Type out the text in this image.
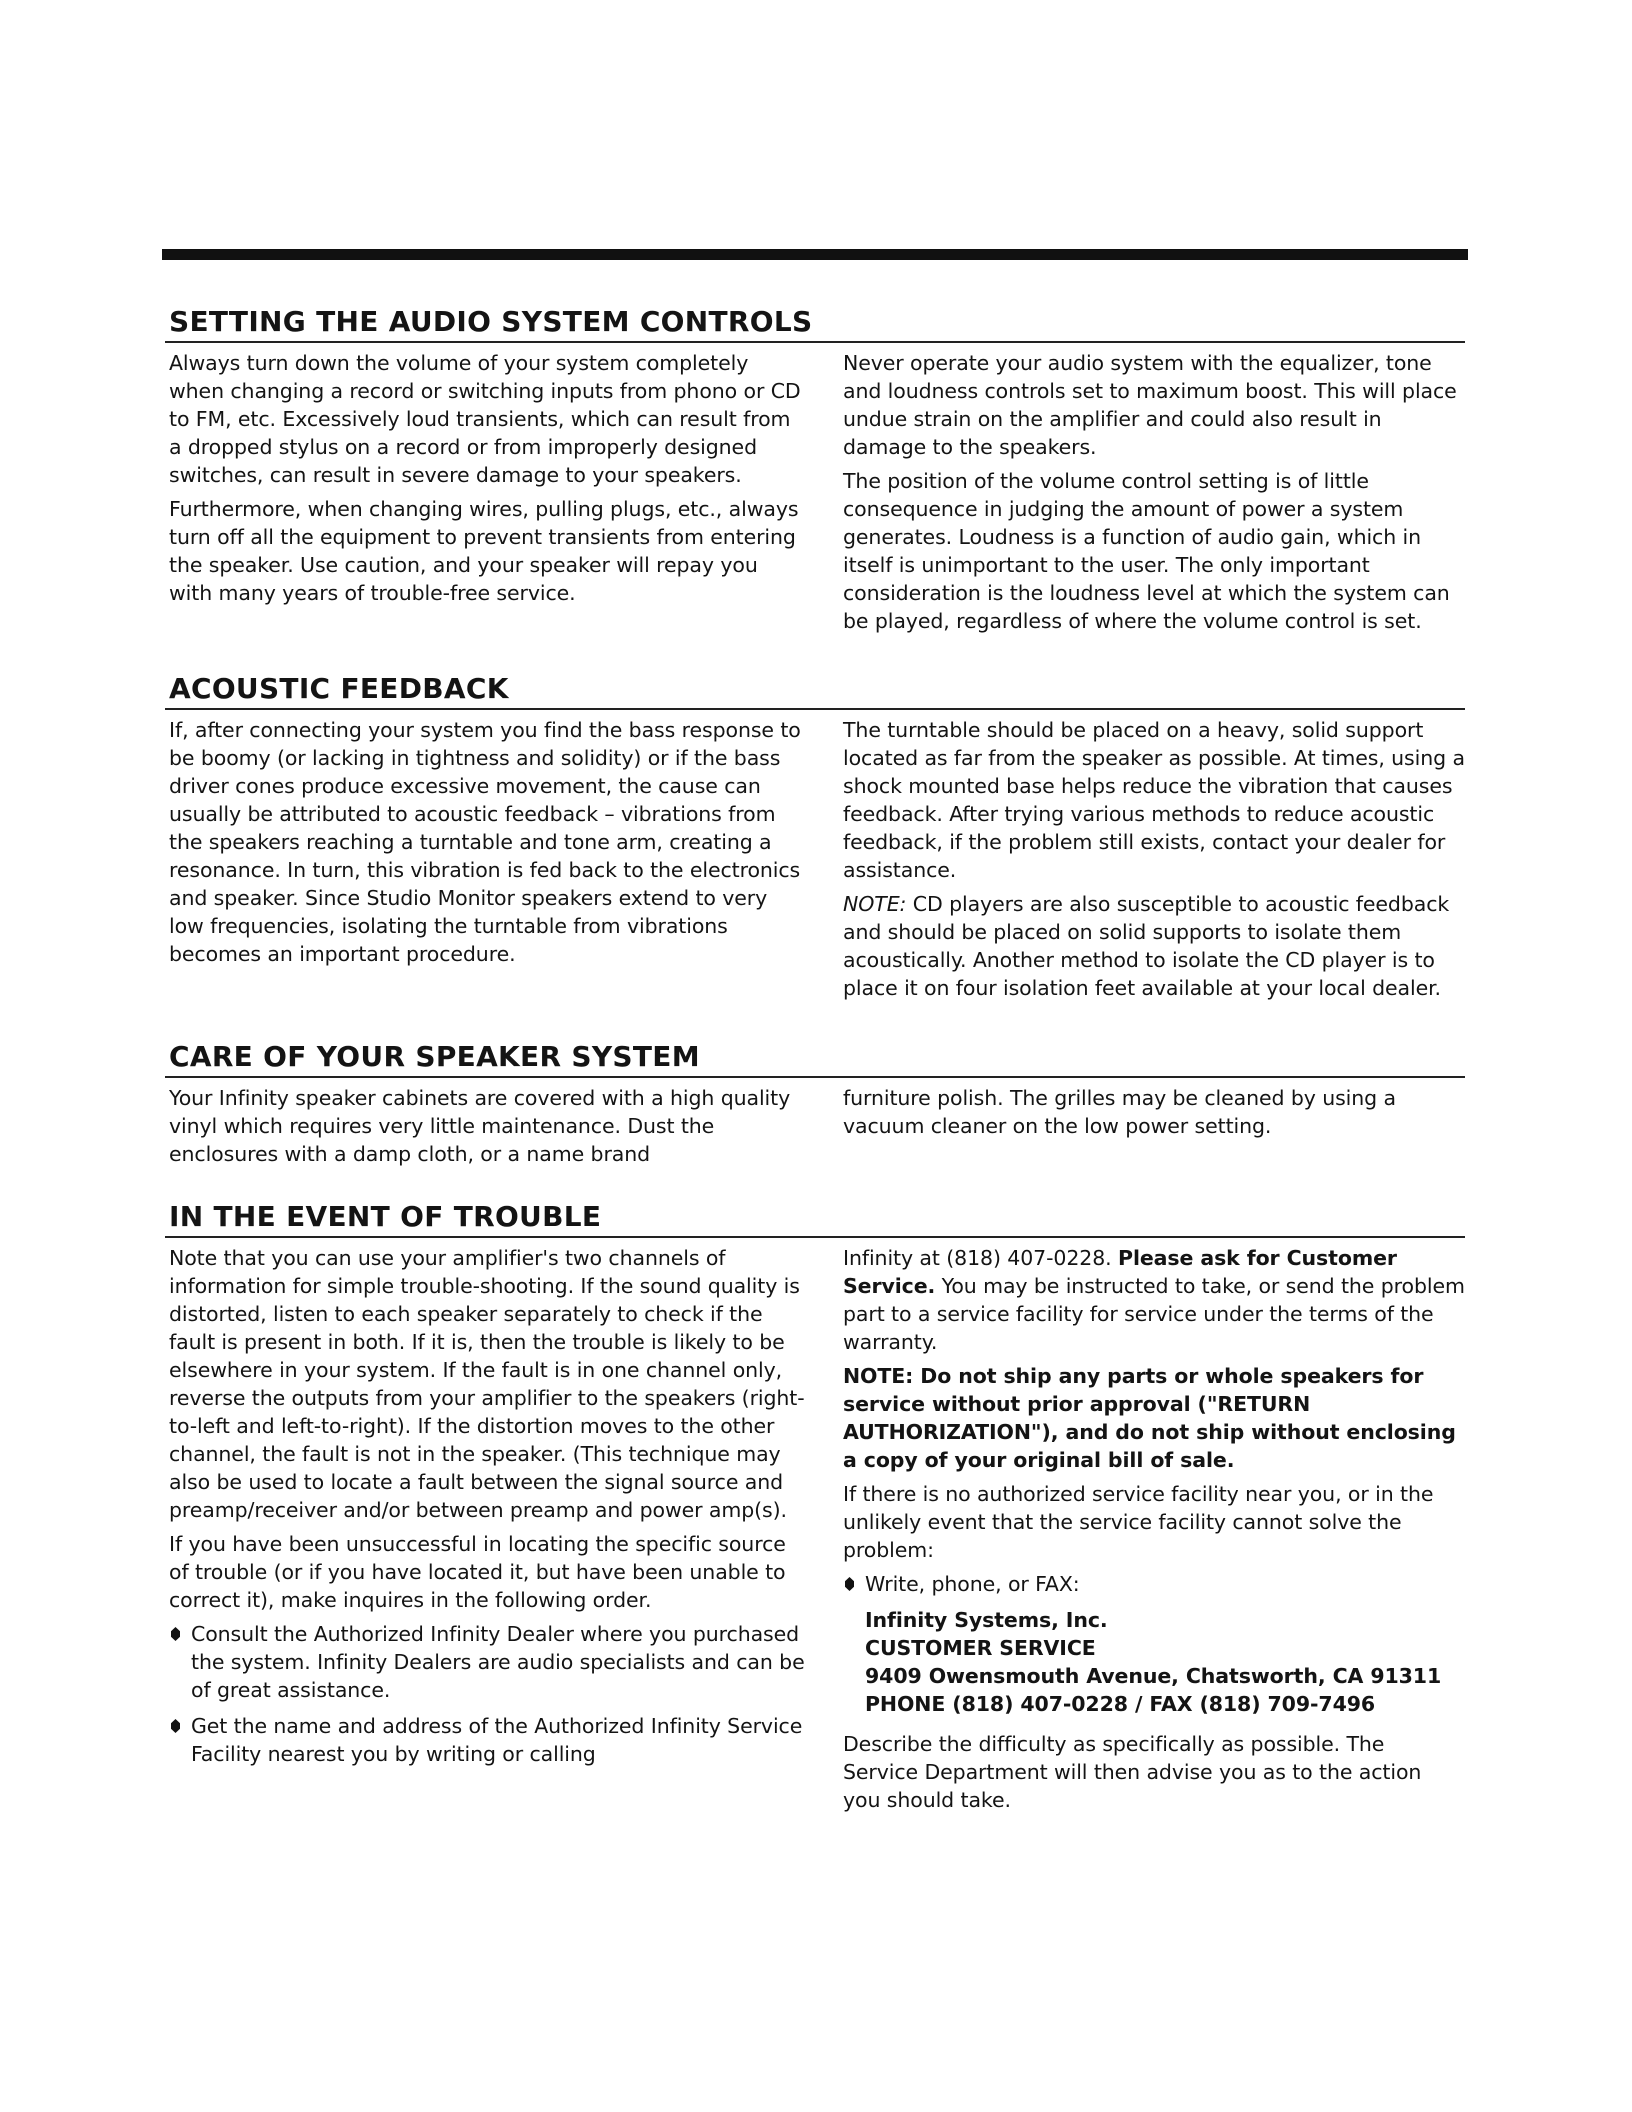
SETTING THE AUDIO SYSTEM CONTROLS

Always turn down the volume of your system completely when changing a record or switching inputs from phono or CD to FM, etc. Excessively loud transients, which can result from a dropped stylus on a record or from improperly designed switches, can result in severe damage to your speakers.

Furthermore, when changing wires, pulling plugs, etc., always turn off all the equipment to prevent transients from entering the speaker. Use caution, and your speaker will repay you with many years of trouble-free service.

Never operate your audio system with the equalizer, tone and loudness controls set to maximum boost. This will place undue strain on the amplifier and could also result in damage to the speakers.

The position of the volume control setting is of little consequence in judging the amount of power a system generates. Loudness is a function of audio gain, which in itself is unimportant to the user. The only important consideration is the loudness level at which the system can be played, regardless of where the volume control is set.

ACOUSTIC FEEDBACK

If, after connecting your system you find the bass response to be boomy (or lacking in tightness and solidity) or if the bass driver cones produce excessive movement, the cause can usually be attributed to acoustic feedback – vibrations from the speakers reaching a turntable and tone arm, creating a resonance. In turn, this vibration is fed back to the electronics and speaker. Since Studio Monitor speakers extend to very low frequencies, isolating the turntable from vibrations becomes an important procedure.

The turntable should be placed on a heavy, solid support located as far from the speaker as possible. At times, using a shock mounted base helps reduce the vibration that causes feedback. After trying various methods to reduce acoustic feedback, if the problem still exists, contact your dealer for assistance.

NOTE: CD players are also susceptible to acoustic feedback and should be placed on solid supports to isolate them acoustically. Another method to isolate the CD player is to place it on four isolation feet available at your local dealer.

CARE OF YOUR SPEAKER SYSTEM

Your Infinity speaker cabinets are covered with a high quality vinyl which requires very little maintenance. Dust the enclosures with a damp cloth, or a name brand

furniture polish. The grilles may be cleaned by using a vacuum cleaner on the low power setting.

IN THE EVENT OF TROUBLE

Note that you can use your amplifier's two channels of information for simple trouble-shooting. If the sound quality is distorted, listen to each speaker separately to check if the fault is present in both. If it is, then the trouble is likely to be elsewhere in your system. If the fault is in one channel only, reverse the outputs from your amplifier to the speakers (right-to-left and left-to-right). If the distortion moves to the other channel, the fault is not in the speaker. (This technique may also be used to locate a fault between the signal source and preamp/receiver and/or between preamp and power amp(s).

If you have been unsuccessful in locating the specific source of trouble (or if you have located it, but have been unable to correct it), make inquires in the following order.

Consult the Authorized Infinity Dealer where you purchased the system. Infinity Dealers are audio specialists and can be of great assistance.

Get the name and address of the Authorized Infinity Service Facility nearest you by writing or calling

Infinity at (818) 407-0228. Please ask for Customer Service. You may be instructed to take, or send the problem part to a service facility for service under the terms of the warranty.

NOTE: Do not ship any parts or whole speakers for service without prior approval ("RETURN AUTHORIZATION"), and do not ship without enclosing a copy of your original bill of sale.

If there is no authorized service facility near you, or in the unlikely event that the service facility cannot solve the problem:

Write, phone, or FAX:

Infinity Systems, Inc.

CUSTOMER SERVICE

9409 Owensmouth Avenue, Chatsworth, CA 91311

PHONE (818) 407-0228 / FAX (818) 709-7496

Describe the difficulty as specifically as possible. The Service Department will then advise you as to the action you should take.
